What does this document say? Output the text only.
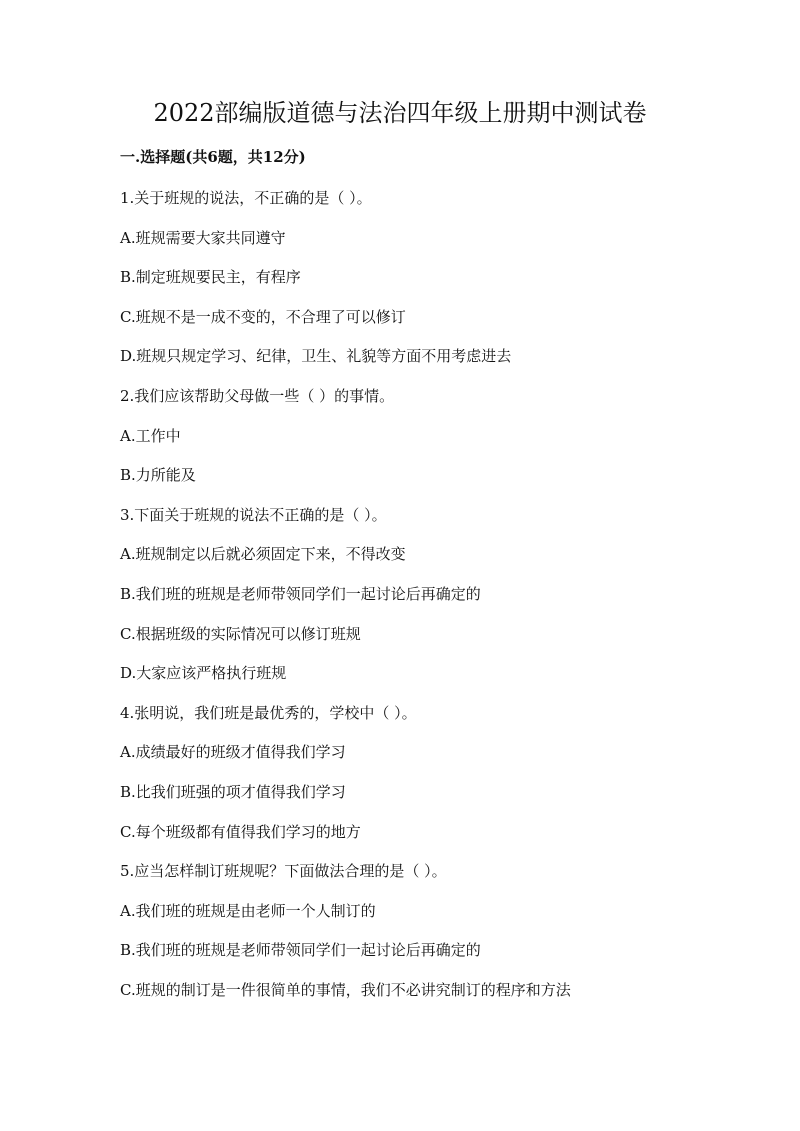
2022部编版道德与法治四年级上册期中测试卷
一.选择题(共6题，共12分)
1.关于班规的说法，不正确的是（ ）。
A.班规需要大家共同遵守
B.制定班规要民主，有程序
C.班规不是一成不变的，不合理了可以修订
D.班规只规定学习、纪律，卫生、礼貌等方面不用考虑进去
2.我们应该帮助父母做一些（ ）的事情。
A.工作中
B.力所能及
3.下面关于班规的说法不正确的是（ ）。
A.班规制定以后就必须固定下来，不得改变
B.我们班的班规是老师带领同学们一起讨论后再确定的
C.根据班级的实际情况可以修订班规
D.大家应该严格执行班规
4.张明说，我们班是最优秀的，学校中（ ）。
A.成绩最好的班级才值得我们学习
B.比我们班强的项才值得我们学习
C.每个班级都有值得我们学习的地方
5.应当怎样制订班规呢？下面做法合理的是（ ）。
A.我们班的班规是由老师一个人制订的
B.我们班的班规是老师带领同学们一起讨论后再确定的
C.班规的制订是一件很简单的事情，我们不必讲究制订的程序和方法
